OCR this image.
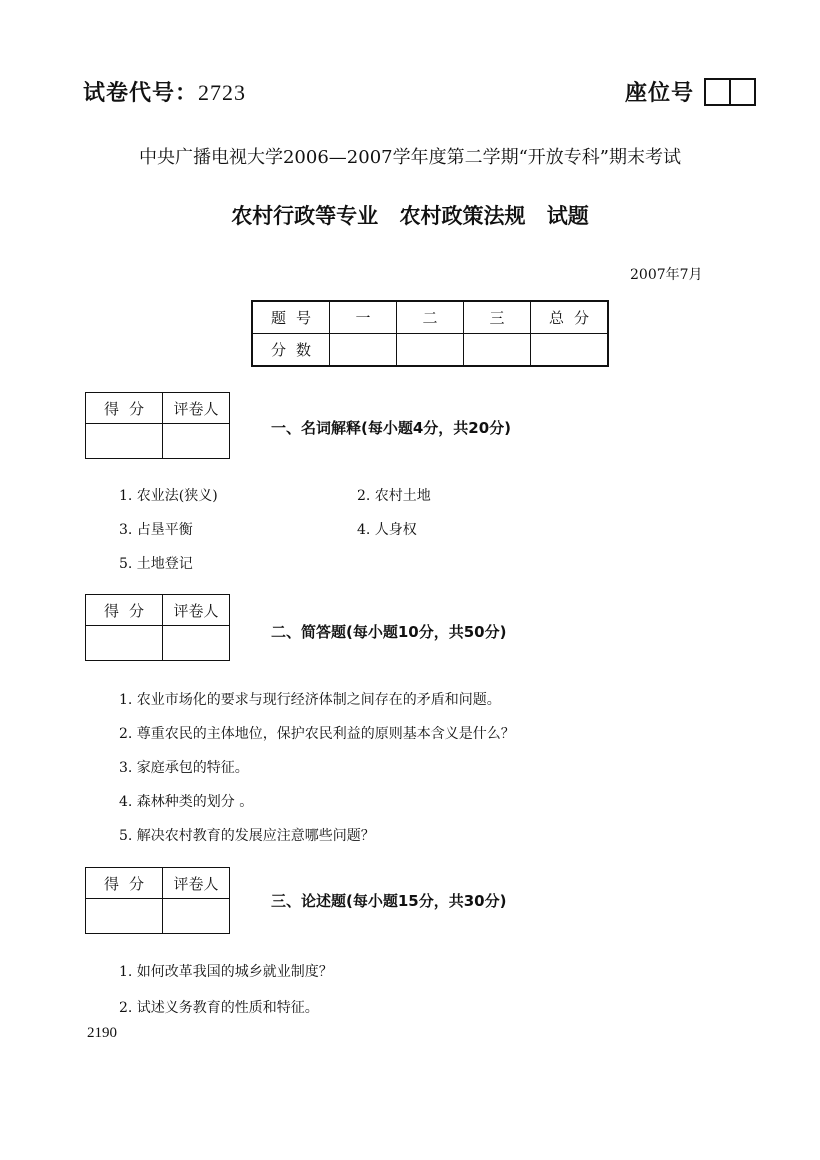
试卷代号：2723	座位号
中央广播电视大学2006—2007学年度第二学期“开放专科”期末考试
农村行政等专业 农村政策法规 试题
2007年7月
题号	一	二	三	总分
分数				
得分	评卷人

一、名词解释(每小题4分，共20分)
1. 农业法(狭义)	2. 农村土地
3. 占垦平衡	4. 人身权
5. 土地登记
得分	评卷人

二、简答题(每小题10分，共50分)
1. 农业市场化的要求与现行经济体制之间存在的矛盾和问题。
2. 尊重农民的主体地位，保护农民利益的原则基本含义是什么？
3. 家庭承包的特征。
4. 森林种类的划分 。
5. 解决农村教育的发展应注意哪些问题？
得分	评卷人

三、论述题(每小题15分，共30分)
1. 如何改革我国的城乡就业制度？
2. 试述义务教育的性质和特征。
2190
